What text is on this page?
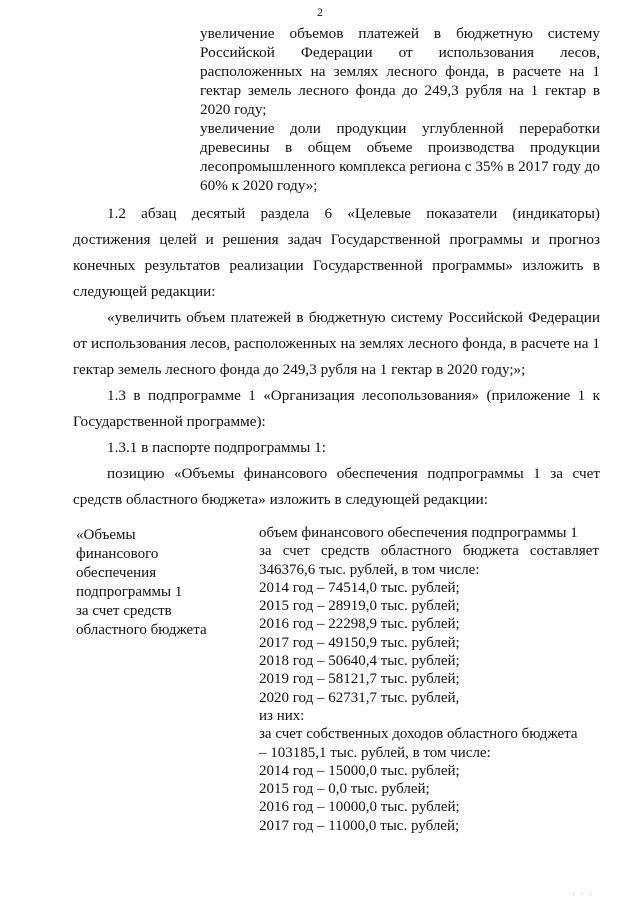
2
увеличение объемов платежей в бюджетную систему Российской Федерации от использования лесов, расположенных на землях лесного фонда, в расчете на 1 гектар земель лесного фонда до 249,3 рубля на 1 гектар в 2020 году;
увеличение доли продукции углубленной переработки древесины в общем объеме производства продукции лесопромышленного комплекса региона с 35% в 2017 году до 60% к 2020 году»;
1.2 абзац десятый раздела 6 «Целевые показатели (индикаторы) достижения целей и решения задач Государственной программы и прогноз конечных результатов реализации Государственной программы» изложить в следующей редакции:
«увеличить объем платежей в бюджетную систему Российской Федерации от использования лесов, расположенных на землях лесного фонда, в расчете на 1 гектар земель лесного фонда до 249,3 рубля на 1 гектар в 2020 году;»;
1.3 в подпрограмме 1 «Организация лесопользования» (приложение 1 к Государственной программе):
1.3.1 в паспорте подпрограммы 1:
позицию «Объемы финансового обеспечения подпрограммы 1 за счет средств областного бюджета» изложить в следующей редакции:
«Объемы
финансового
обеспечения
подпрограммы 1
за счет средств
областного бюджета
объем финансового обеспечения подпрограммы 1
за счет средств областного бюджета составляет
346376,6 тыс. рублей, в том числе:
2014 год – 74514,0 тыс. рублей;
2015 год – 28919,0 тыс. рублей;
2016 год – 22298,9 тыс. рублей;
2017 год – 49150,9 тыс. рублей;
2018 год – 50640,4 тыс. рублей;
2019 год – 58121,7 тыс. рублей;
2020 год – 62731,7 тыс. рублей,
из них:
за счет собственных доходов областного бюджета
– 103185,1 тыс. рублей, в том числе:
2014 год – 15000,0 тыс. рублей;
2015 год – 0,0 тыс. рублей;
2016 год – 10000,0 тыс. рублей;
2017 год – 11000,0 тыс. рублей;
· · ·
